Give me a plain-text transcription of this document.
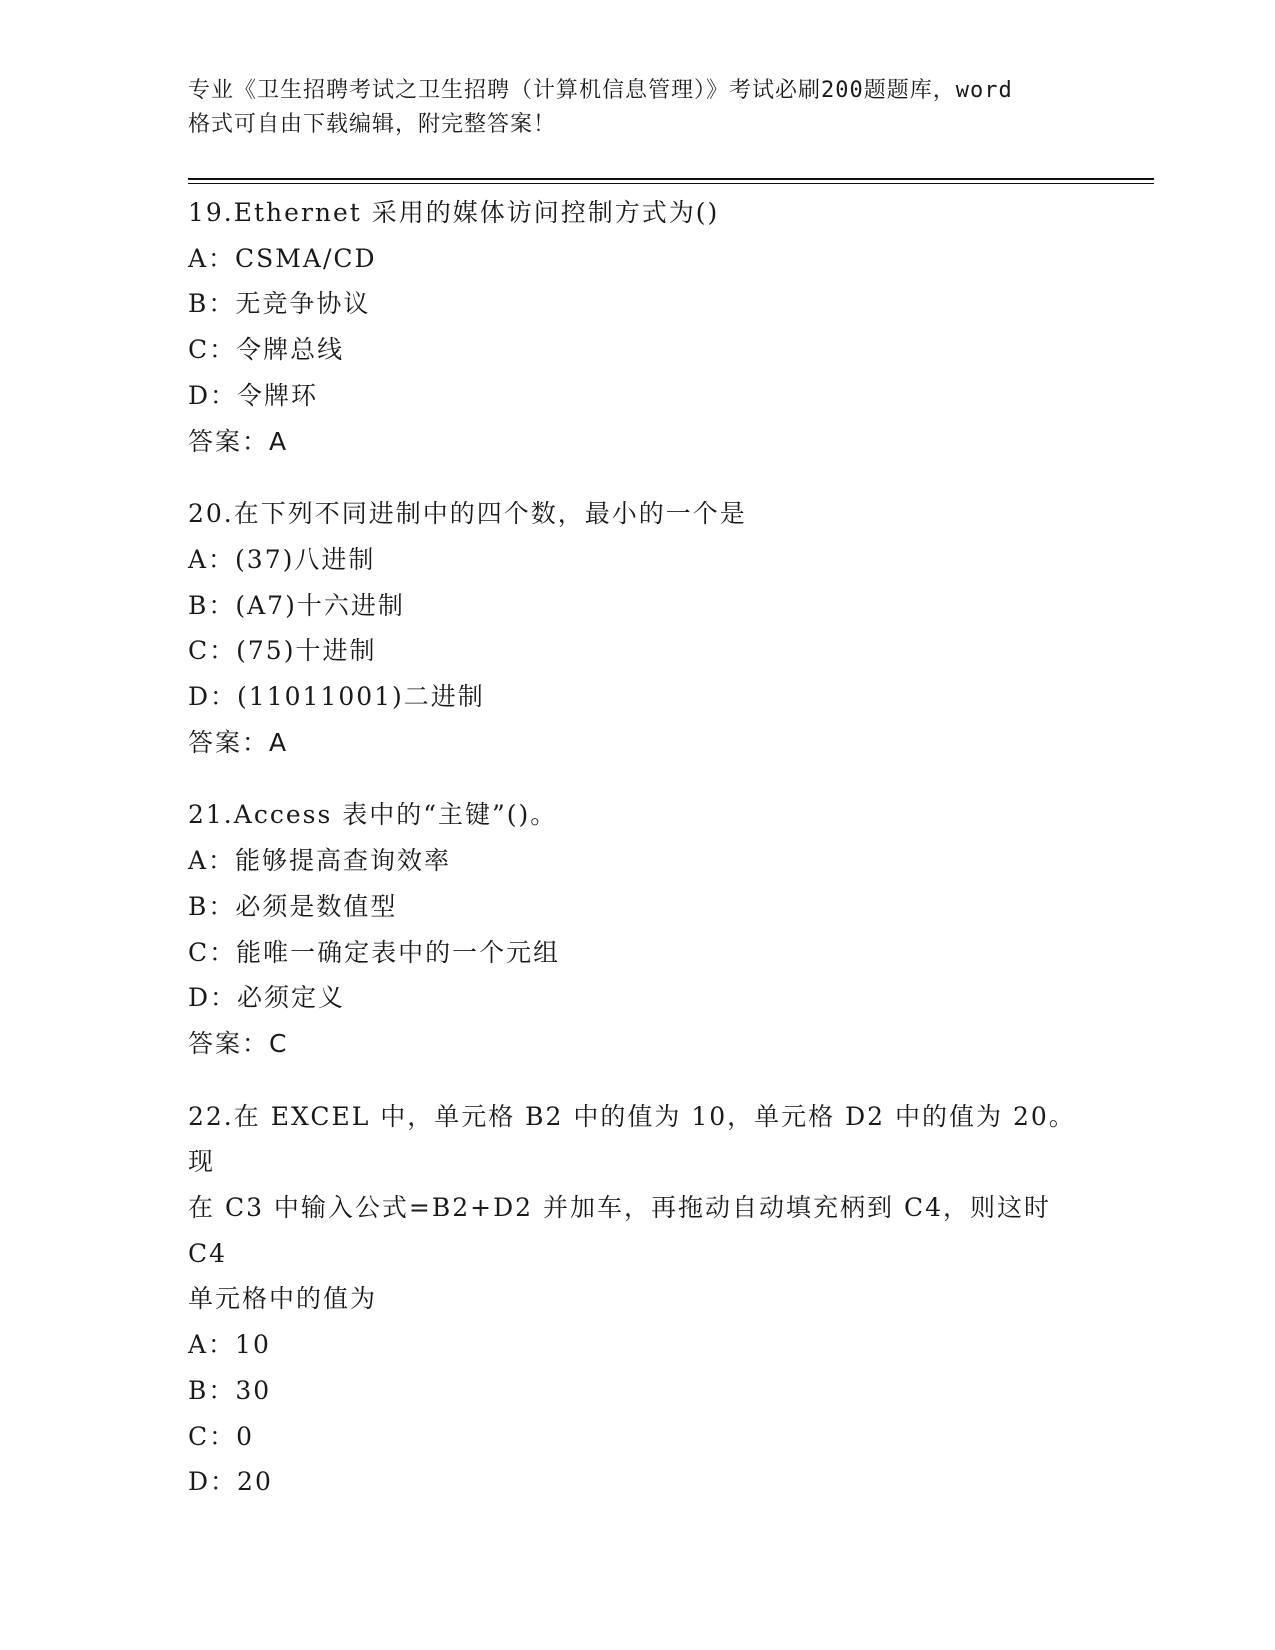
专业《卫生招聘考试之卫生招聘（计算机信息管理）》考试必刷200题题库，word
格式可自由下载编辑，附完整答案！
19.Ethernet 采用的媒体访问控制方式为()
A：CSMA/CD
B：无竞争协议
C：令牌总线
D：令牌环
答案：A
20.在下列不同进制中的四个数，最小的一个是
A：(37)八进制
B：(A7)十六进制
C：(75)十进制
D：(11011001)二进制
答案：A
21.Access 表中的“主键”()。
A：能够提高查询效率
B：必须是数值型
C：能唯一确定表中的一个元组
D：必须定义
答案：C
22.在 EXCEL 中，单元格 B2 中的值为 10，单元格 D2 中的值为 20。现
在 C3 中输入公式=B2+D2 并加车，再拖动自动填充柄到 C4，则这时 C4
单元格中的值为
A：10
B：30
C：0
D：20
